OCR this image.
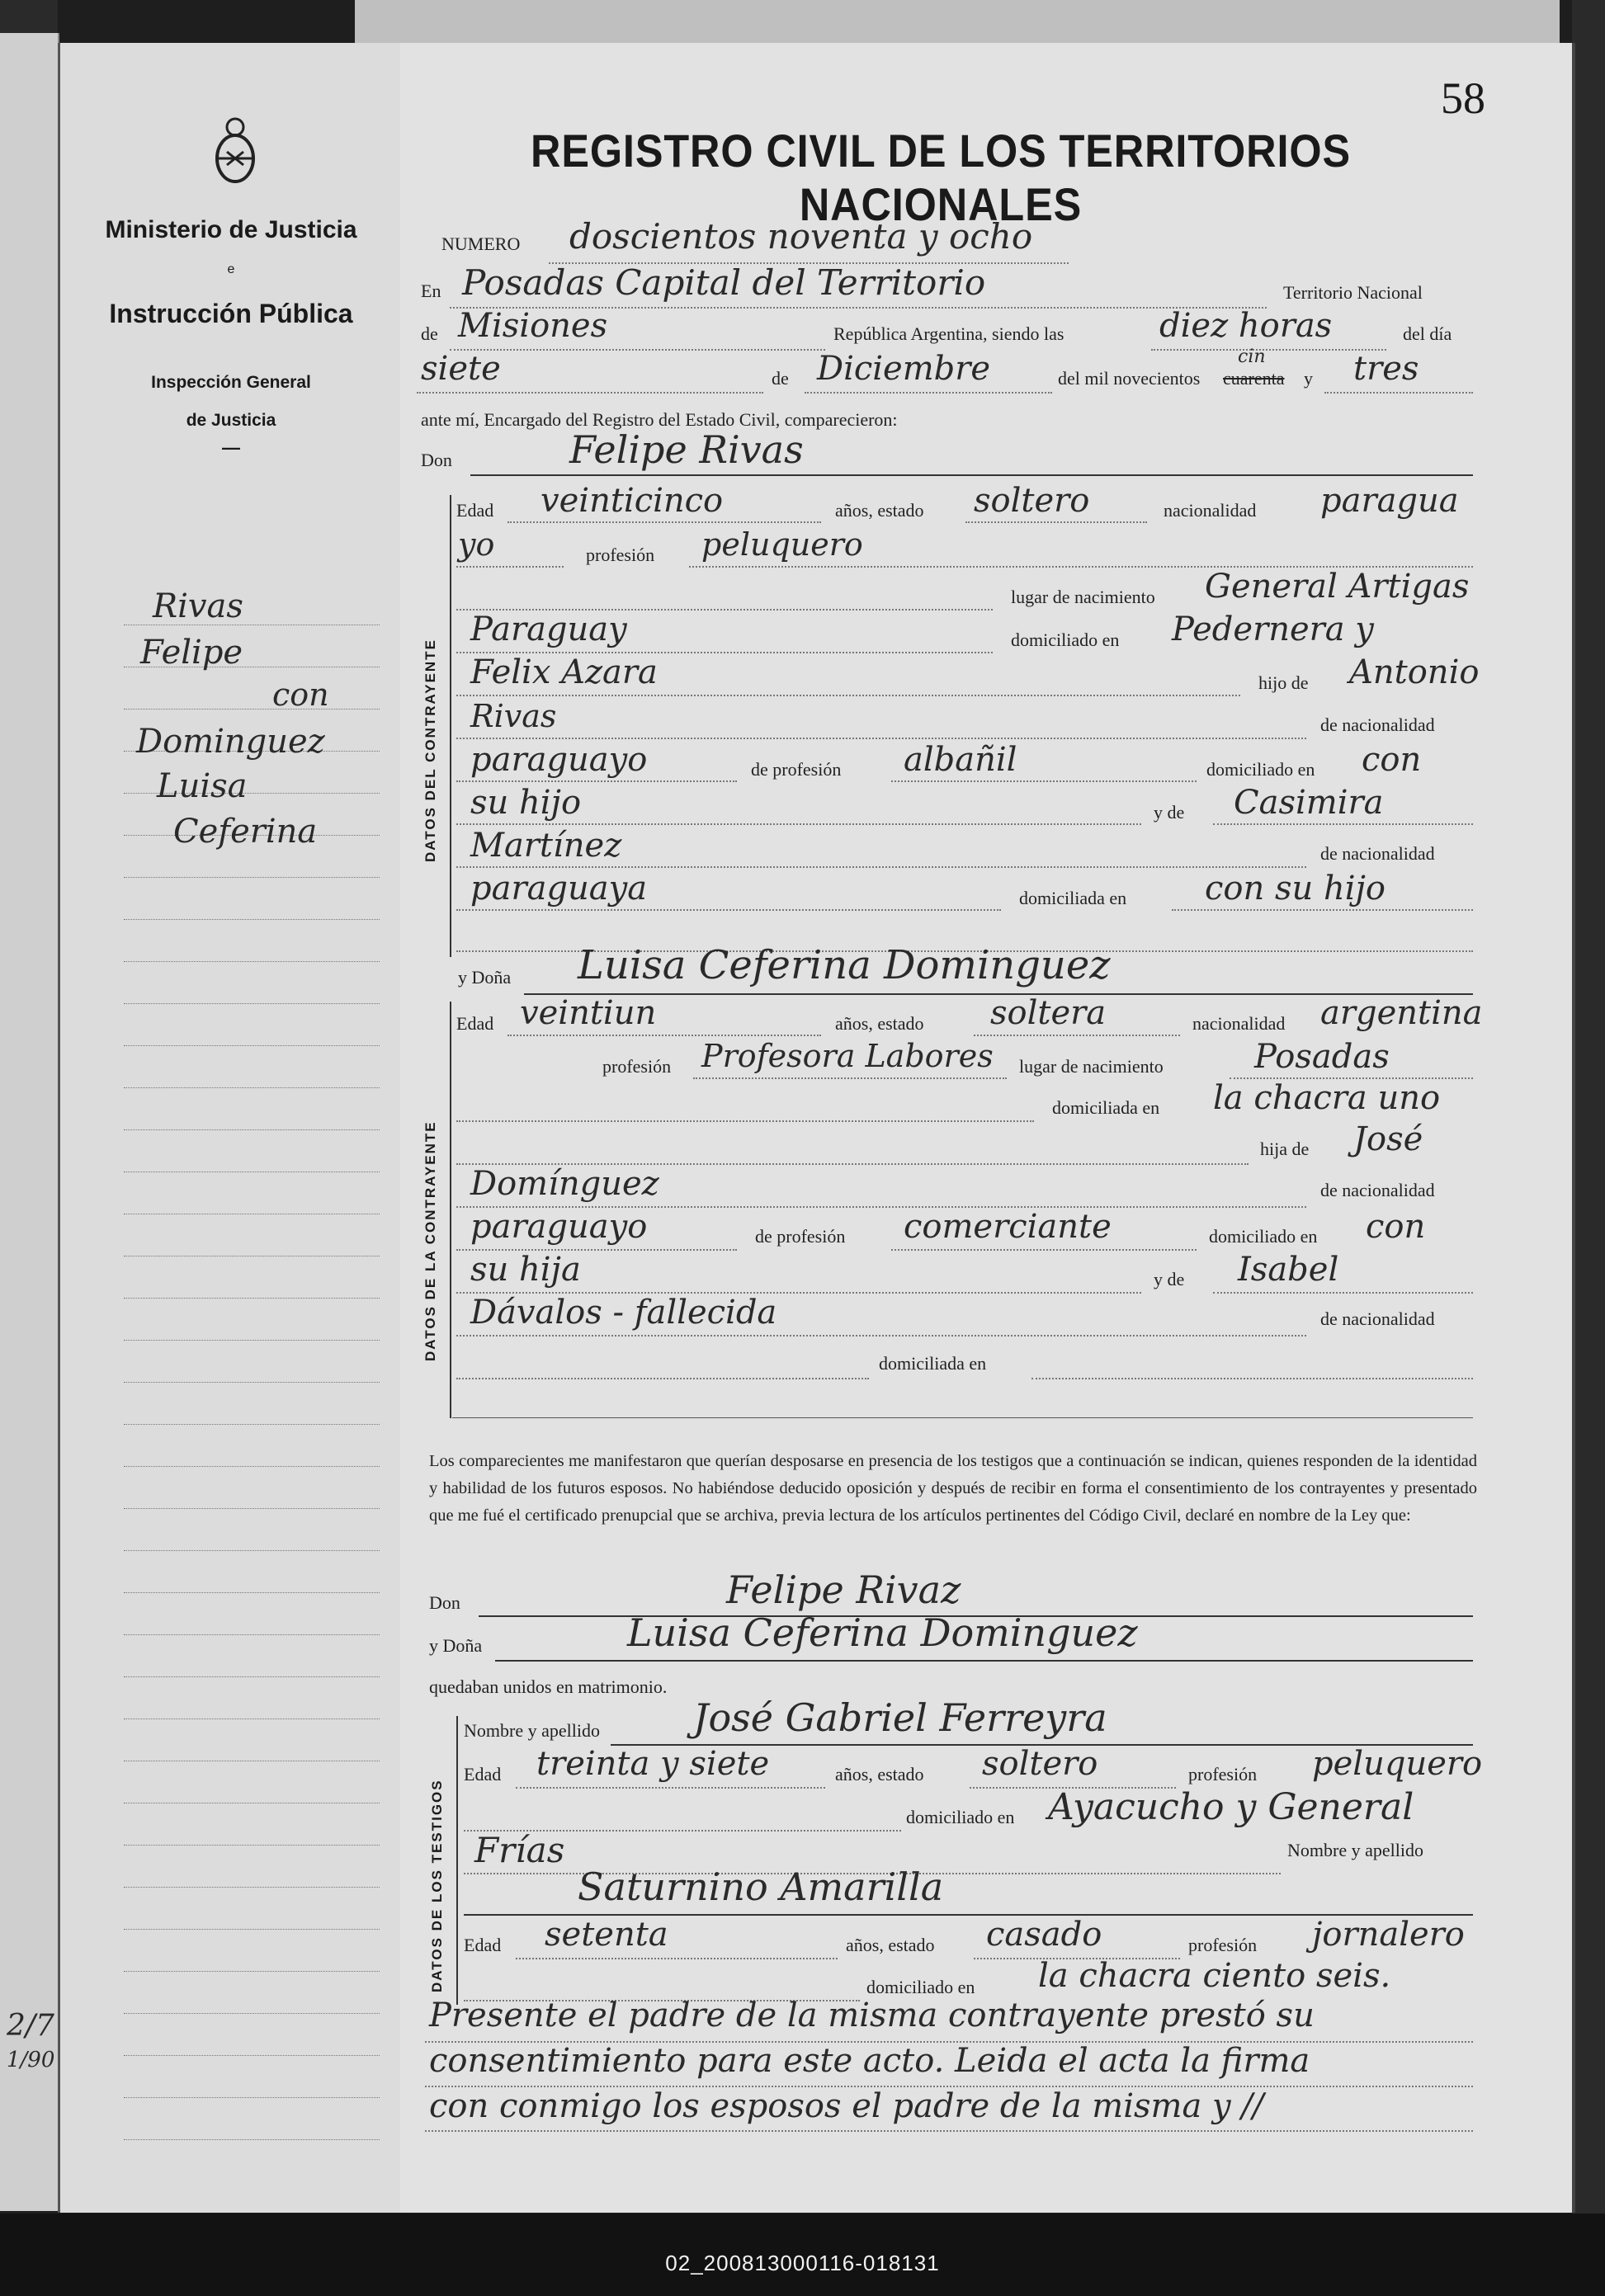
Ministerio de Justicia
e
Instrucción Pública
Inspección General
de Justicia
—
Rivas
Felipe
con
Dominguez
Luisa
Ceferina
2/7
1/90
58
REGISTRO CIVIL DE LOS TERRITORIOS NACIONALES
NUMERO doscientos noventa y ocho
En Posadas Capital del Territorio	Territorio Nacional
de Misiones	República Argentina, siendo las	diez horas	del día
siete	de Diciembre	del mil novecientos cuarenta
cin
y tres
ante mí, Encargado del Registro del Estado Civil, comparecieron:
Don	Felipe Rivas
DATOS DEL CONTRAYENTE
Edad veinticinco	años, estado soltero	nacionalidad paragua
yo	profesión peluquero
lugar de nacimiento General Artigas
Paraguay	domiciliado en Pedernera y
Felix Azara	hijo de Antonio
Rivas	de nacionalidad
paraguayo	de profesión albañil	domiciliado en con
su hijo	y de Casimira
Martínez	de nacionalidad
paraguaya	domiciliada en con su hijo
y Doña Luisa Ceferina Dominguez
DATOS DE LA CONTRAYENTE
Edad veintiun	años, estado soltera	nacionalidad argentina
profesión Profesora Labores lugar de nacimiento	Posadas
domiciliada en la chacra uno
hija de José
Domínguez	de nacionalidad
paraguayo	de profesión comerciante	domiciliado en con
su hija	y de Isabel
Dávalos - fallecida	de nacionalidad
domiciliada en
Los comparecientes me manifestaron que querían desposarse en presencia de los testigos que a continuación se indican, quienes responden de la identidad y habilidad de los futuros esposos. No habiéndose deducido oposición y después de recibir en forma el consentimiento de los contrayentes y presentado que me fué el certificado prenupcial que se archiva, previa lectura de los artículos pertinentes del Código Civil, declaré en nombre de la Ley que:
Don	Felipe Rivaz
y Doña	Luisa Ceferina Dominguez
quedaban unidos en matrimonio.
DATOS DE LOS TESTIGOS
Nombre y apellido José Gabriel Ferreyra
Edad treinta y siete	años, estado soltero	profesión peluquero
domiciliado en Ayacucho y General
Frías	Nombre y apellido
Saturnino Amarilla
Edad setenta	años, estado casado	profesión jornalero
domiciliado en la chacra ciento seis.
Presente el padre de la misma contrayente prestó su
consentimiento para este acto. Leida el acta la firma
con conmigo los esposos el padre de la misma y //
02_200813000116-018131
